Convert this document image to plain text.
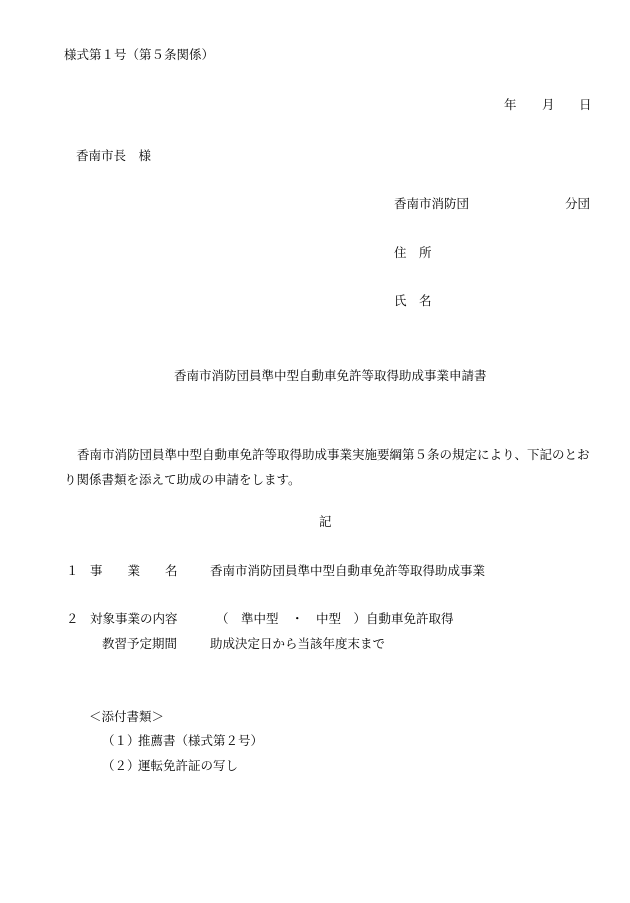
様式第１号（第５条関係）
年 月 日
香南市長　様
香南市消防団	分団
住　所
氏　名
香南市消防団員準中型自動車免許等取得助成事業申請書
香南市消防団員準中型自動車免許等取得助成事業実施要綱第５条の規定により、下記のとおり関係書類を添えて助成の申請をします。
記
１ 事　　業　　名	香南市消防団員準中型自動車免許等取得助成事業
２ 対象事業の内容	（　準中型　・　中型　）自動車免許取得
教習予定期間	助成決定日から当該年度末まで
＜添付書類＞
（１）
推薦書（様式第２号）
（２）
運転免許証の写し
